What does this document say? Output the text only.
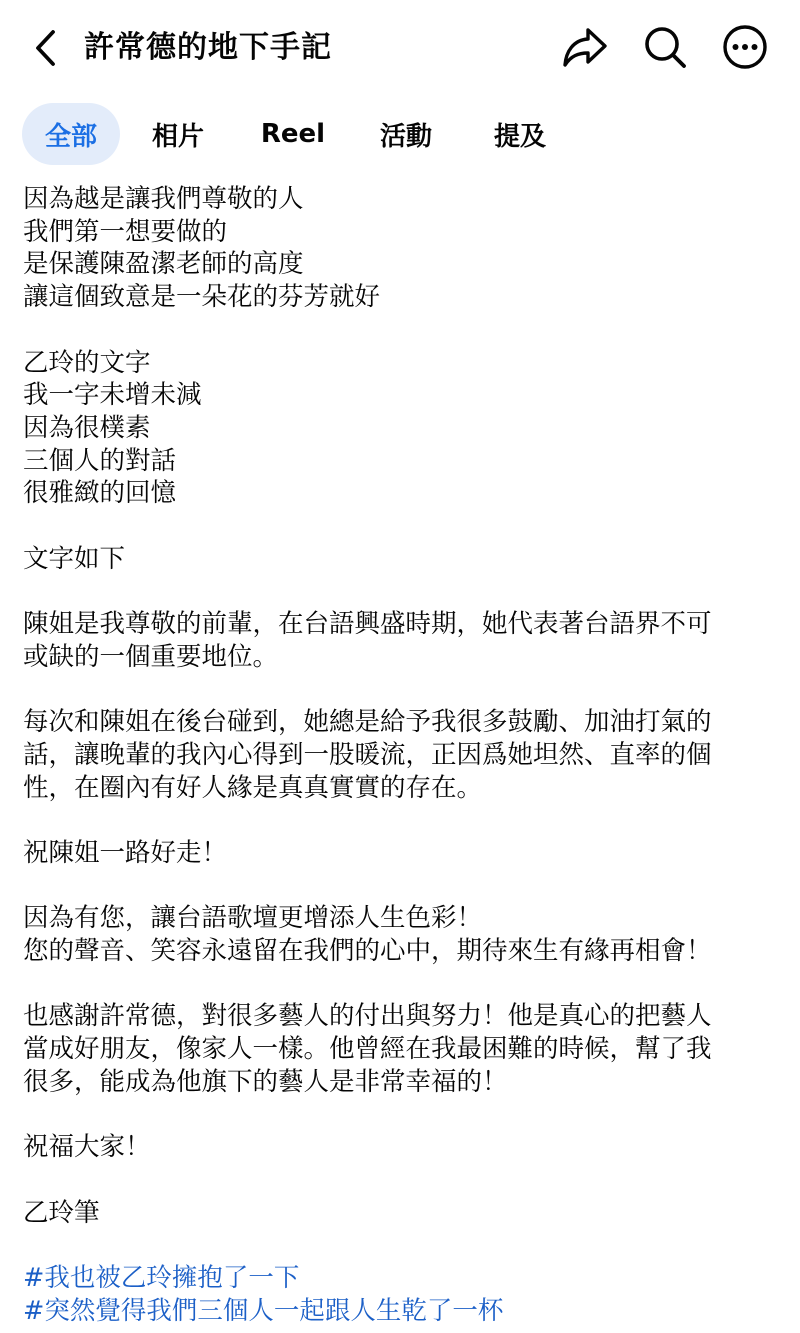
許常德的地下手記
全部	相片	Reel	活動	提及
因為越是讓我們尊敬的人
我們第一想要做的
是保護陳盈潔老師的高度
讓這個致意是一朵花的芬芳就好
乙玲的文字
我一字未增未減
因為很樸素
三個人的對話
很雅緻的回憶
文字如下
陳姐是我尊敬的前輩，在台語興盛時期，她代表著台語界不可
或缺的一個重要地位。
每次和陳姐在後台碰到，她總是給予我很多鼓勵、加油打氣的
話，讓晚輩的我內心得到一股暖流，正因爲她坦然、直率的個
性，在圈內有好人緣是真真實實的存在。
祝陳姐一路好走！
因為有您，讓台語歌壇更增添人生色彩！
您的聲音、笑容永遠留在我們的心中，期待來生有緣再相會！
也感謝許常德，對很多藝人的付出與努力！他是真心的把藝人
當成好朋友，像家人一樣。他曾經在我最困難的時候，幫了我
很多，能成為他旗下的藝人是非常幸福的！
祝福大家！
乙玲筆
#我也被乙玲擁抱了一下
#突然覺得我們三個人一起跟人生乾了一杯
